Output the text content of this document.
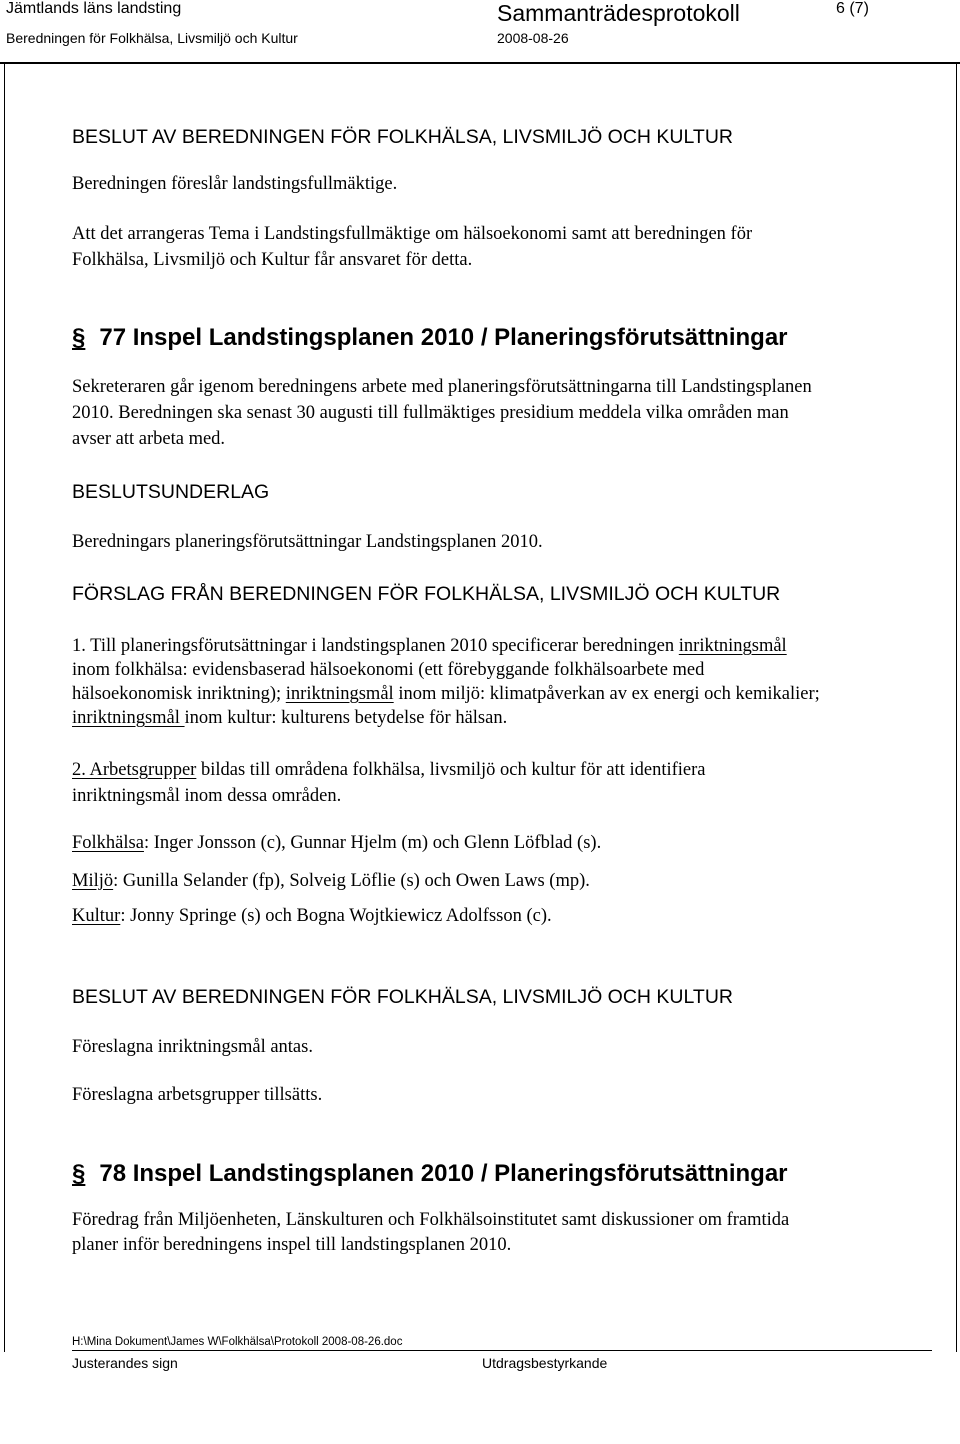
Jämtlands läns landsting
Beredningen för Folkhälsa, Livsmiljö och Kultur
Sammanträdesprotokoll
2008-08-26
6 (7)
BESLUT AV BEREDNINGEN FÖR FOLKHÄLSA, LIVSMILJÖ OCH KULTUR
Beredningen föreslår landstingsfullmäktige.
Att det arrangeras Tema i Landstingsfullmäktige om hälsoekonomi samt att beredningen för
Folkhälsa, Livsmiljö och Kultur får ansvaret för detta.
§ 77 Inspel Landstingsplanen 2010 / Planeringsförutsättningar
Sekreteraren går igenom beredningens arbete med planeringsförutsättningarna till Landstingsplanen
2010. Beredningen ska senast 30 augusti till fullmäktiges presidium meddela vilka områden man
avser att arbeta med.
BESLUTSUNDERLAG
Beredningars planeringsförutsättningar Landstingsplanen 2010.
FÖRSLAG FRÅN BEREDNINGEN FÖR FOLKHÄLSA, LIVSMILJÖ OCH KULTUR
1. Till planeringsförutsättningar i landstingsplanen 2010 specificerar beredningen inriktningsmål
inom folkhälsa: evidensbaserad hälsoekonomi (ett förebyggande folkhälsoarbete med
hälsoekonomisk inriktning); inriktningsmål inom miljö: klimatpåverkan av ex energi och kemikalier;
inriktningsmål inom kultur: kulturens betydelse för hälsan.
2. Arbetsgrupper bildas till områdena folkhälsa, livsmiljö och kultur för att identifiera
inriktningsmål inom dessa områden.
Folkhälsa: Inger Jonsson (c), Gunnar Hjelm (m) och Glenn Löfblad (s).
Miljö: Gunilla Selander (fp), Solveig Löflie (s) och Owen Laws (mp).
Kultur: Jonny Springe (s) och Bogna Wojtkiewicz Adolfsson (c).
BESLUT AV BEREDNINGEN FÖR FOLKHÄLSA, LIVSMILJÖ OCH KULTUR
Föreslagna inriktningsmål antas.
Föreslagna arbetsgrupper tillsätts.
§ 78 Inspel Landstingsplanen 2010 / Planeringsförutsättningar
Föredrag från Miljöenheten, Länskulturen och Folkhälsoinstitutet samt diskussioner om framtida
planer inför beredningens inspel till landstingsplanen 2010.
H:\Mina Dokument\James W\Folkhälsa\Protokoll 2008-08-26.doc
Justerandes sign	Utdragsbestyrkande
